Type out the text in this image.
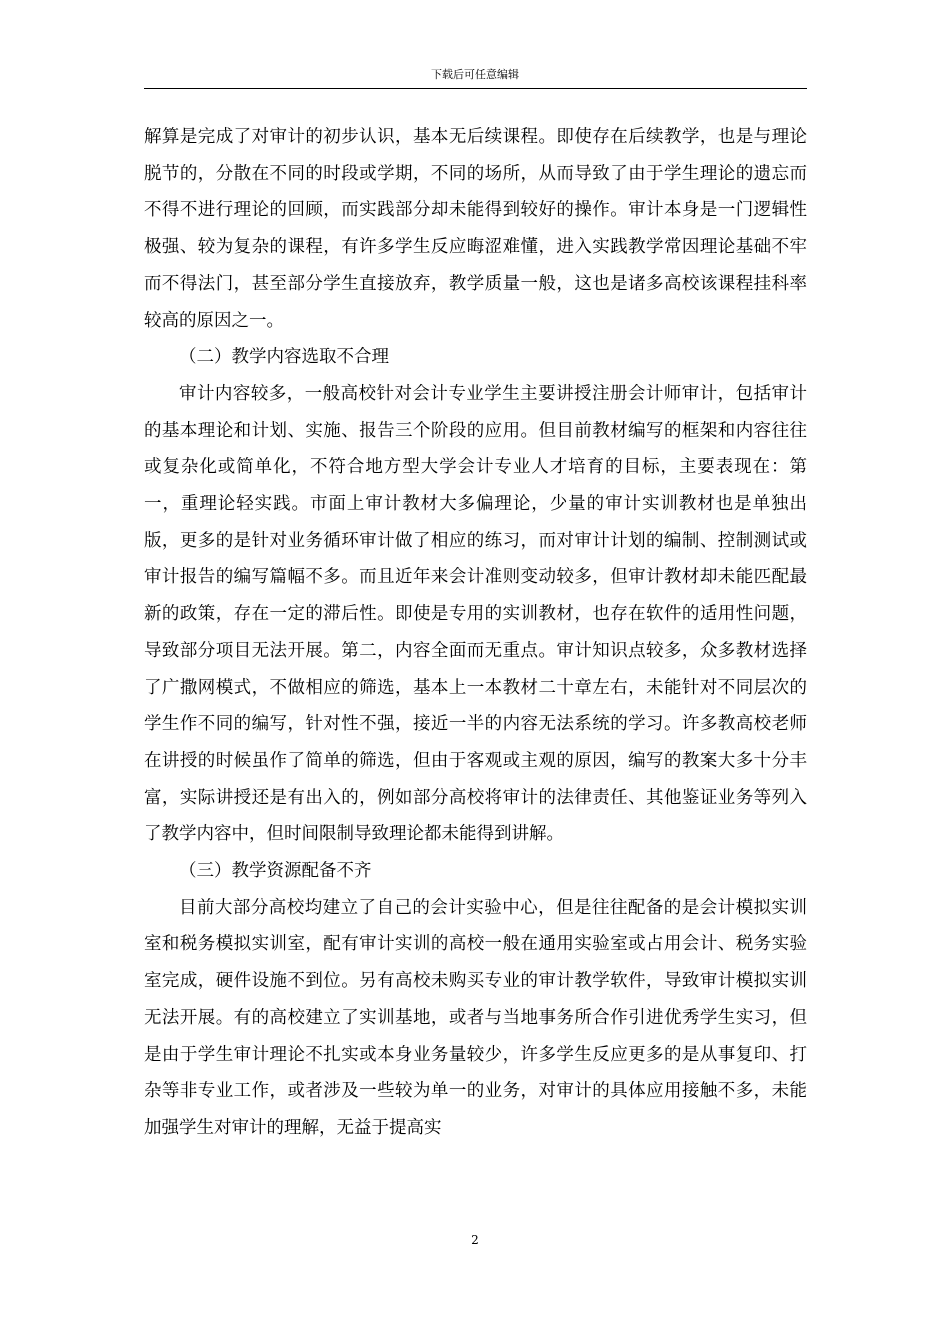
下载后可任意编辑

解算是完成了对审计的初步认识，基本无后续课程。即使存在后续教学，也是与理论脱节的，分散在不同的时段或学期，不同的场所，从而导致了由于学生理论的遗忘而不得不进行理论的回顾，而实践部分却未能得到较好的操作。审计本身是一门逻辑性极强、较为复杂的课程，有许多学生反应晦涩难懂，进入实践教学常因理论基础不牢而不得法门，甚至部分学生直接放弃，教学质量一般，这也是诸多高校该课程挂科率较高的原因之一。

（二）教学内容选取不合理

审计内容较多，一般高校针对会计专业学生主要讲授注册会计师审计，包括审计的基本理论和计划、实施、报告三个阶段的应用。但目前教材编写的框架和内容往往或复杂化或简单化，不符合地方型大学会计专业人才培育的目标，主要表现在：第一，重理论轻实践。市面上审计教材大多偏理论，少量的审计实训教材也是单独出版，更多的是针对业务循环审计做了相应的练习，而对审计计划的编制、控制测试或审计报告的编写篇幅不多。而且近年来会计准则变动较多，但审计教材却未能匹配最新的政策，存在一定的滞后性。即使是专用的实训教材，也存在软件的适用性问题，导致部分项目无法开展。第二，内容全面而无重点。审计知识点较多，众多教材选择了广撒网模式，不做相应的筛选，基本上一本教材二十章左右，未能针对不同层次的学生作不同的编写，针对性不强，接近一半的内容无法系统的学习。许多教高校老师在讲授的时候虽作了简单的筛选，但由于客观或主观的原因，编写的教案大多十分丰富，实际讲授还是有出入的，例如部分高校将审计的法律责任、其他鉴证业务等列入了教学内容中，但时间限制导致理论都未能得到讲解。

（三）教学资源配备不齐

目前大部分高校均建立了自己的会计实验中心，但是往往配备的是会计模拟实训室和税务模拟实训室，配有审计实训的高校一般在通用实验室或占用会计、税务实验室完成，硬件设施不到位。另有高校未购买专业的审计教学软件，导致审计模拟实训无法开展。有的高校建立了实训基地，或者与当地事务所合作引进优秀学生实习，但是由于学生审计理论不扎实或本身业务量较少，许多学生反应更多的是从事复印、打杂等非专业工作，或者涉及一些较为单一的业务，对审计的具体应用接触不多，未能加强学生对审计的理解，无益于提高实

2
